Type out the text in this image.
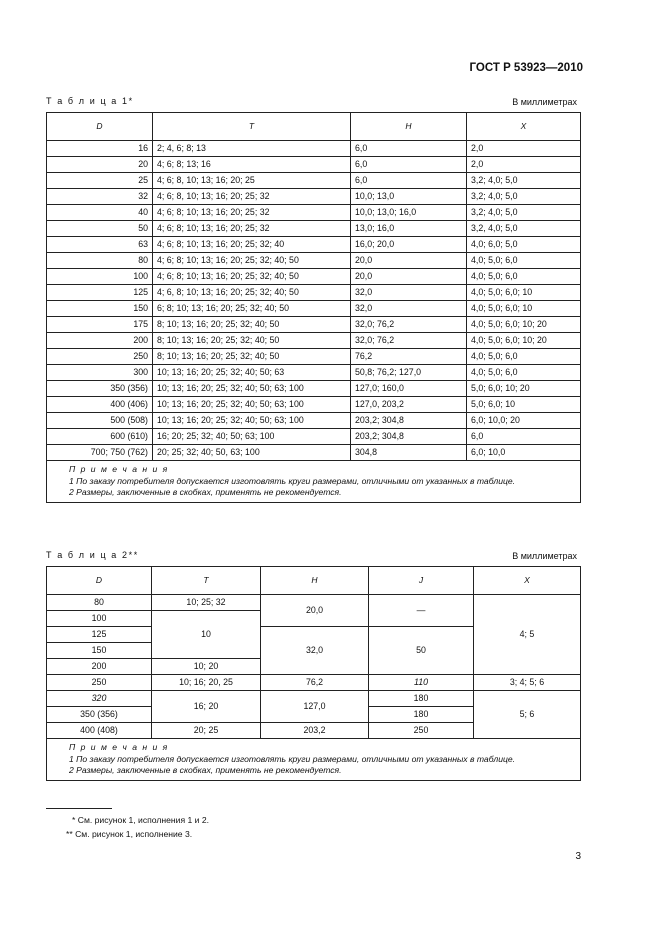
ГОСТ Р 53923—2010
Т а б л и ц а 1*	В миллиметрах
D	T	H	X
16	2; 4, 6; 8; 13	6,0	2,0
20	4; 6; 8; 13; 16	6,0	2,0
25	4; 6; 8, 10; 13; 16; 20; 25	6,0	3,2; 4,0; 5,0
32	4; 6; 8, 10; 13; 16; 20; 25; 32	10,0; 13,0	3,2; 4,0; 5,0
40	4; 6; 8; 10; 13; 16; 20; 25; 32	10,0; 13,0; 16,0	3,2; 4,0; 5,0
50	4; 6; 8; 10; 13; 16; 20; 25; 32	13,0; 16,0	3,2, 4,0; 5,0
63	4; 6; 8; 10; 13; 16; 20; 25; 32; 40	16,0; 20,0	4,0; 6,0; 5,0
80	4; 6; 8; 10; 13; 16; 20; 25; 32; 40; 50	20,0	4,0; 5,0; 6,0
100	4; 6; 8; 10; 13; 16; 20; 25; 32; 40; 50	20,0	4,0; 5,0; 6,0
125	4; 6, 8; 10; 13; 16; 20; 25; 32; 40; 50	32,0	4,0; 5,0; 6,0; 10
150	6; 8; 10; 13; 16; 20; 25; 32; 40; 50	32,0	4,0; 5,0; 6,0; 10
175	8; 10; 13; 16; 20; 25; 32; 40; 50	32,0; 76,2	4,0; 5,0; 6,0; 10; 20
200	8; 10; 13; 16; 20; 25; 32; 40; 50	32,0; 76,2	4,0; 5,0; 6,0; 10; 20
250	8; 10; 13; 16; 20; 25; 32; 40; 50	76,2	4,0; 5,0; 6,0
300	10; 13; 16; 20; 25; 32; 40; 50; 63	50,8; 76,2; 127,0	4,0; 5,0; 6,0
350 (356)	10; 13; 16; 20; 25; 32; 40; 50; 63; 100	127,0; 160,0	5,0; 6,0; 10; 20
400 (406)	10; 13; 16; 20; 25; 32; 40; 50; 63; 100	127,0, 203,2	5,0; 6,0; 10
500 (508)	10; 13; 16; 20; 25; 32; 40; 50; 63; 100	203,2; 304,8	6,0; 10,0; 20
600 (610)	16; 20; 25; 32; 40; 50; 63; 100	203,2; 304,8	6,0
700; 750 (762)	20; 25; 32; 40; 50, 63; 100	304,8	6,0; 10,0

П р и м е ч а н и я
1 По заказу потребителя допускается изготовлять круги размерами, отличными от указанных в таблице.
2 Размеры, заключенные в скобках, применять не рекомендуется.			
Т а б л и ц а 2**	В миллиметрах
D	T	H	J	X
80	10; 25; 32	20,0	—	4; 5
100	10			
125		32,0	50	
150				
200	10; 20			
250	10; 16; 20, 25	76,2	110	3; 4; 5; 6
320	16; 20	127,0	180	5; 6
350 (356)			180	
400 (408)	20; 25	203,2	250	

П р и м е ч а н и я
1 По заказу потребителя допускается изготовлять круги размерами, отличными от указанных в таблице.
2 Размеры, заключенные в скобках, применять не рекомендуется.				
* См. рисунок 1, исполнения 1 и 2.
** См. рисунок 1, исполнение 3.
3
